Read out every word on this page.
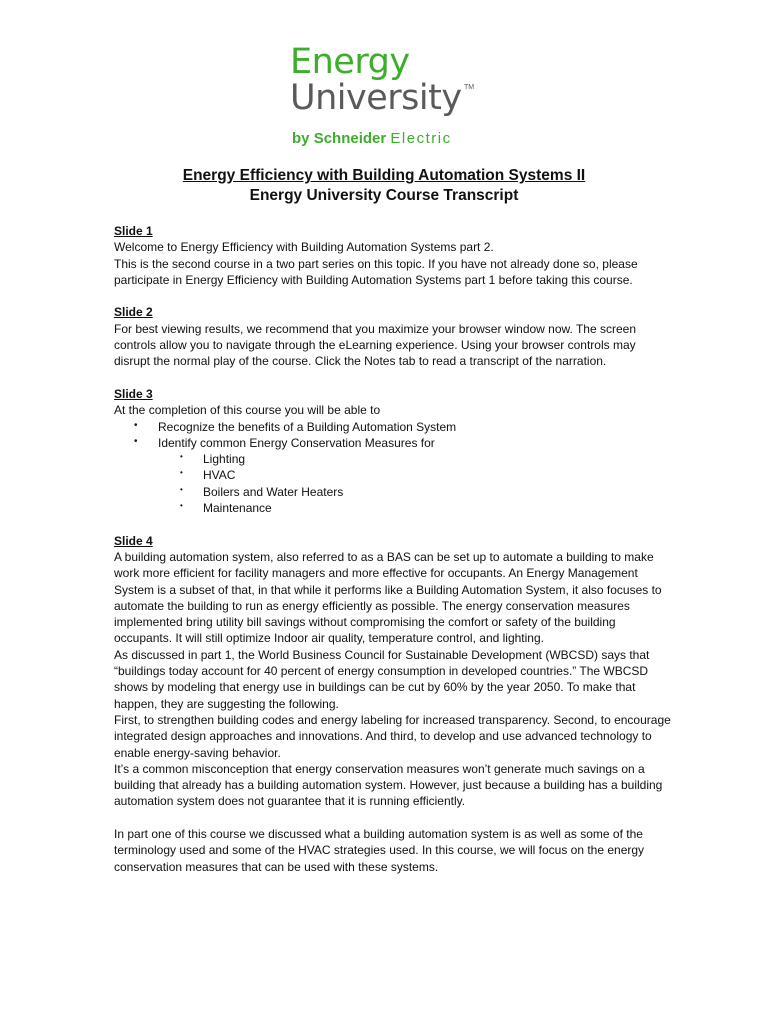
Energy
University TM
by Schneider Electric
Energy Efficiency with Building Automation Systems II
Energy University Course Transcript
Slide 1

Welcome to Energy Efficiency with Building Automation Systems part 2.

This is the second course in a two part series on this topic. If you have not already done so, please participate in Energy Efficiency with Building Automation Systems part 1 before taking this course.

Slide 2

For best viewing results, we recommend that you maximize your browser window now. The screen controls allow you to navigate through the eLearning experience. Using your browser controls may disrupt the normal play of the course. Click the Notes tab to read a transcript of the narration.

Slide 3

At the completion of this course you will be able to

• Recognize the benefits of a Building Automation System
• Identify common Energy Conservation Measures for
• Lighting
• HVAC
• Boilers and Water Heaters
• Maintenance
Slide 4

A building automation system, also referred to as a BAS can be set up to automate a building to make work more efficient for facility managers and more effective for occupants. An Energy Management System is a subset of that, in that while it performs like a Building Automation System, it also focuses to automate the building to run as energy efficiently as possible. The energy conservation measures implemented bring utility bill savings without compromising the comfort or safety of the building occupants. It will still optimize Indoor air quality, temperature control, and lighting.

As discussed in part 1, the World Business Council for Sustainable Development (WBCSD) says that “buildings today account for 40 percent of energy consumption in developed countries.” The WBCSD shows by modeling that energy use in buildings can be cut by 60% by the year 2050. To make that happen, they are suggesting the following.

First, to strengthen building codes and energy labeling for increased transparency. Second, to encourage integrated design approaches and innovations. And third, to develop and use advanced technology to enable energy-saving behavior.

It’s a common misconception that energy conservation measures won’t generate much savings on a building that already has a building automation system. However, just because a building has a building automation system does not guarantee that it is running efficiently.

In part one of this course we discussed what a building automation system is as well as some of the terminology used and some of the HVAC strategies used. In this course, we will focus on the energy conservation measures that can be used with these systems.
